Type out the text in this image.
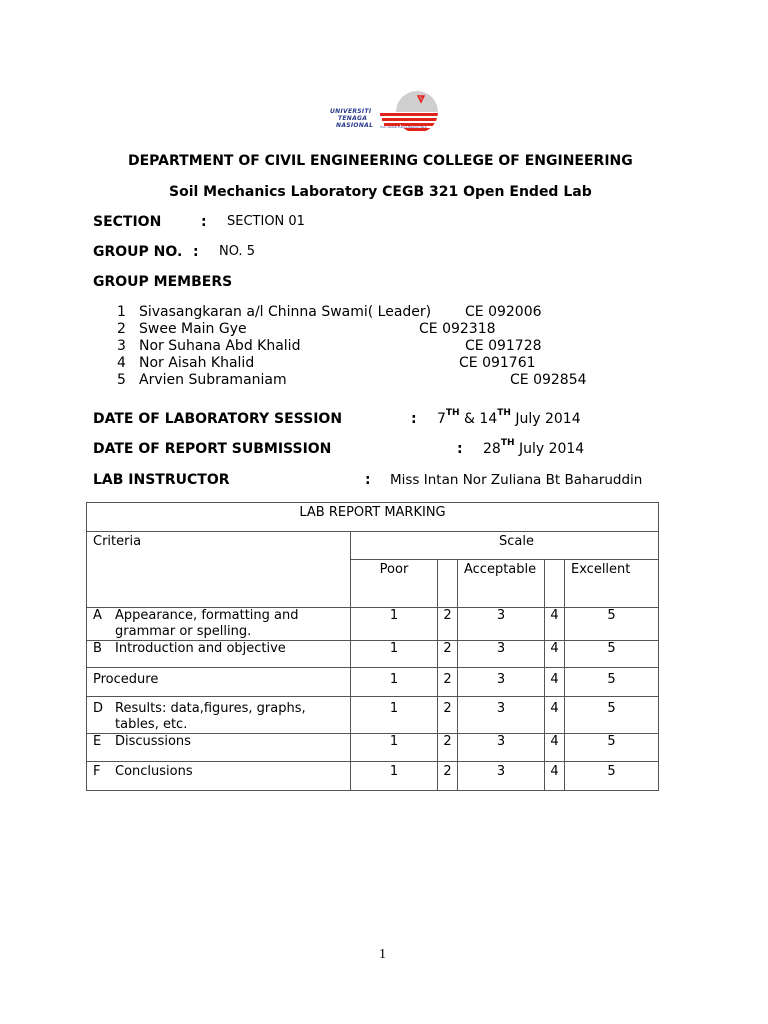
UNIVERSITI
TENAGA
NASIONAL Your Global Future Begins Here
DEPARTMENT OF CIVIL ENGINEERING COLLEGE OF ENGINEERING
Soil Mechanics Laboratory CEGB 321 Open Ended Lab
SECTION	: SECTION 01
GROUP NO. : NO. 5
GROUP MEMBERS
1 Sivasangkaran a/l Chinna Swami( Leader) CE 092006
2 Swee Main Gye	CE 092318
3 Nor Suhana Abd Khalid	CE 091728
4 Nor Aisah Khalid	CE 091761
5 Arvien Subramaniam	CE 092854
DATE OF LABORATORY SESSION	: 7TH & 14TH July 2014
DATE OF REPORT SUBMISSION	: 28TH July 2014
LAB INSTRUCTOR	: Miss Intan Nor Zuliana Bt Baharuddin
LAB REPORT MARKING					
Criteria	Scale				
	Poor		Acceptable		Excellent

A Appearance, formatting and grammar or spelling.	1	2	3	4	5

B Introduction and objective	1	2	3	4	5

Procedure	1	2	3	4	5

D Results: data,figures, graphs, tables, etc.	1	2	3	4	5

E Discussions	1	2	3	4	5

F Conclusions	1	2	3	4	5
1
